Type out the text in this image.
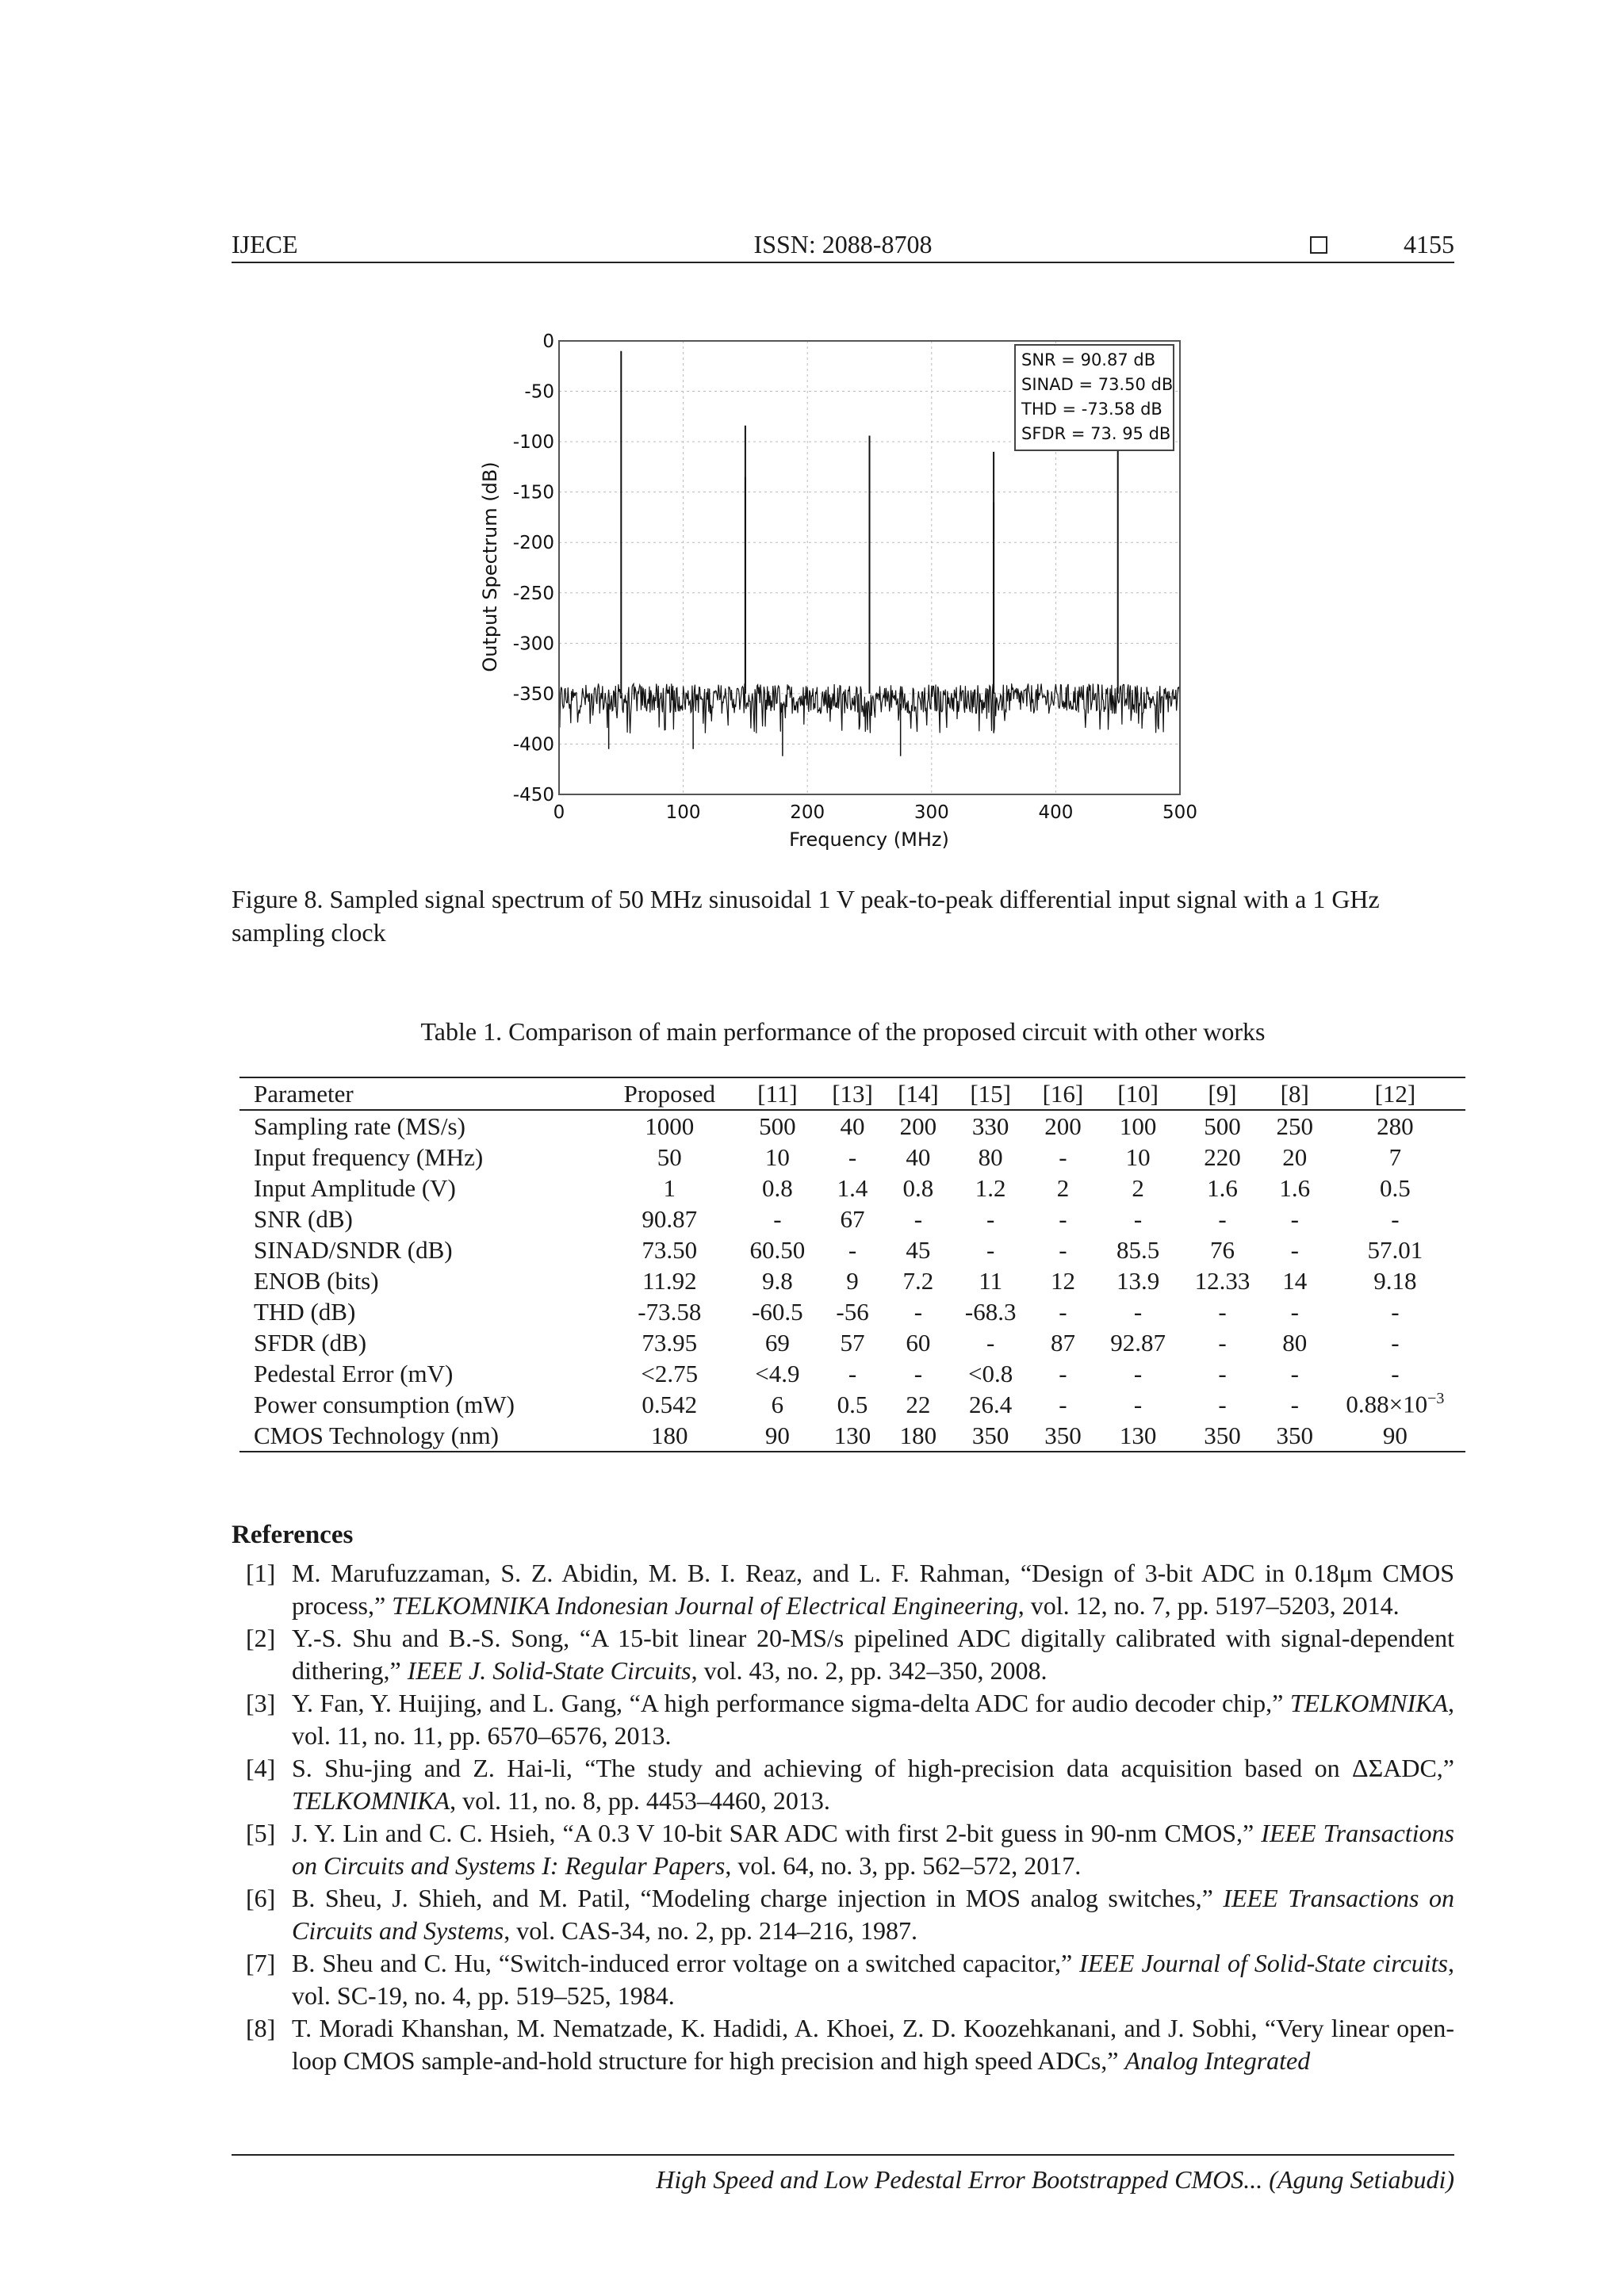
IJECE	ISSN: 2088-8708	4155
0
-50
-100
-150
-200
-250
-300
-350
-400
-450
0	100	200	300	400	500
Frequency (MHz)
Output Spectrum (dB)
SNR = 90.87 dB
SINAD = 73.50 dB
THD = -73.58 dB
SFDR = 73. 95 dB
Figure 8. Sampled signal spectrum of 50 MHz sinusoidal 1 V peak-to-peak differential input signal with a 1 GHz sampling clock
Table 1. Comparison of main performance of the proposed circuit with other works
Parameter	Proposed	[11]	[13]	[14]	[15]	[16]	[10]	[9]	[8]	[12]
Sampling rate (MS/s)	1000	500	40	200	330	200	100	500	250	280
Input frequency (MHz)	50	10	-	40	80	-	10	220	20	7
Input Amplitude (V)	1	0.8	1.4	0.8	1.2	2	2	1.6	1.6	0.5
SNR (dB)	90.87	-	67	-	-	-	-	-	-	-
SINAD/SNDR (dB)	73.50	60.50	-	45	-	-	85.5	76	-	57.01
ENOB (bits)	11.92	9.8	9	7.2	11	12	13.9	12.33	14	9.18
THD (dB)	-73.58	-60.5	-56	-	-68.3	-	-	-	-	-
SFDR (dB)	73.95	69	57	60	-	87	92.87	-	80	-
Pedestal Error (mV)	<2.75	<4.9	-	-	<0.8	-	-	-	-	-
Power consumption (mW)	0.542	6	0.5	22	26.4	-	-	-	-	$0.88\times 10^{-3}$
CMOS Technology (nm)	180	90	130	180	350	350	130	350	350	90
References
[1] M. Marufuzzaman, S. Z. Abidin, M. B. I. Reaz, and L. F. Rahman, “Design of 3-bit ADC in 0.18μm CMOS process,” TELKOMNIKA Indonesian Journal of Electrical Engineering, vol. 12, no. 7, pp. 5197–5203, 2014.
[2] Y.-S. Shu and B.-S. Song, “A 15-bit linear 20-MS/s pipelined ADC digitally calibrated with signal-dependent dithering,” IEEE J. Solid-State Circuits, vol. 43, no. 2, pp. 342–350, 2008.
[3] Y. Fan, Y. Huijing, and L. Gang, “A high performance sigma-delta ADC for audio decoder chip,” TELKOMNIKA, vol. 11, no. 11, pp. 6570–6576, 2013.
[4] S. Shu-jing and Z. Hai-li, “The study and achieving of high-precision data acquisition based on ΔΣADC,” TELKOMNIKA, vol. 11, no. 8, pp. 4453–4460, 2013.
[5] J. Y. Lin and C. C. Hsieh, “A 0.3 V 10-bit SAR ADC with first 2-bit guess in 90-nm CMOS,” IEEE Transactions on Circuits and Systems I: Regular Papers, vol. 64, no. 3, pp. 562–572, 2017.
[6] B. Sheu, J. Shieh, and M. Patil, “Modeling charge injection in MOS analog switches,” IEEE Transactions on Circuits and Systems, vol. CAS-34, no. 2, pp. 214–216, 1987.
[7] B. Sheu and C. Hu, “Switch-induced error voltage on a switched capacitor,” IEEE Journal of Solid-State circuits, vol. SC-19, no. 4, pp. 519–525, 1984.
[8] T. Moradi Khanshan, M. Nematzade, K. Hadidi, A. Khoei, Z. D. Koozehkanani, and J. Sobhi, “Very linear open-loop CMOS sample-and-hold structure for high precision and high speed ADCs,” Analog Integrated
High Speed and Low Pedestal Error Bootstrapped CMOS... (Agung Setiabudi)
